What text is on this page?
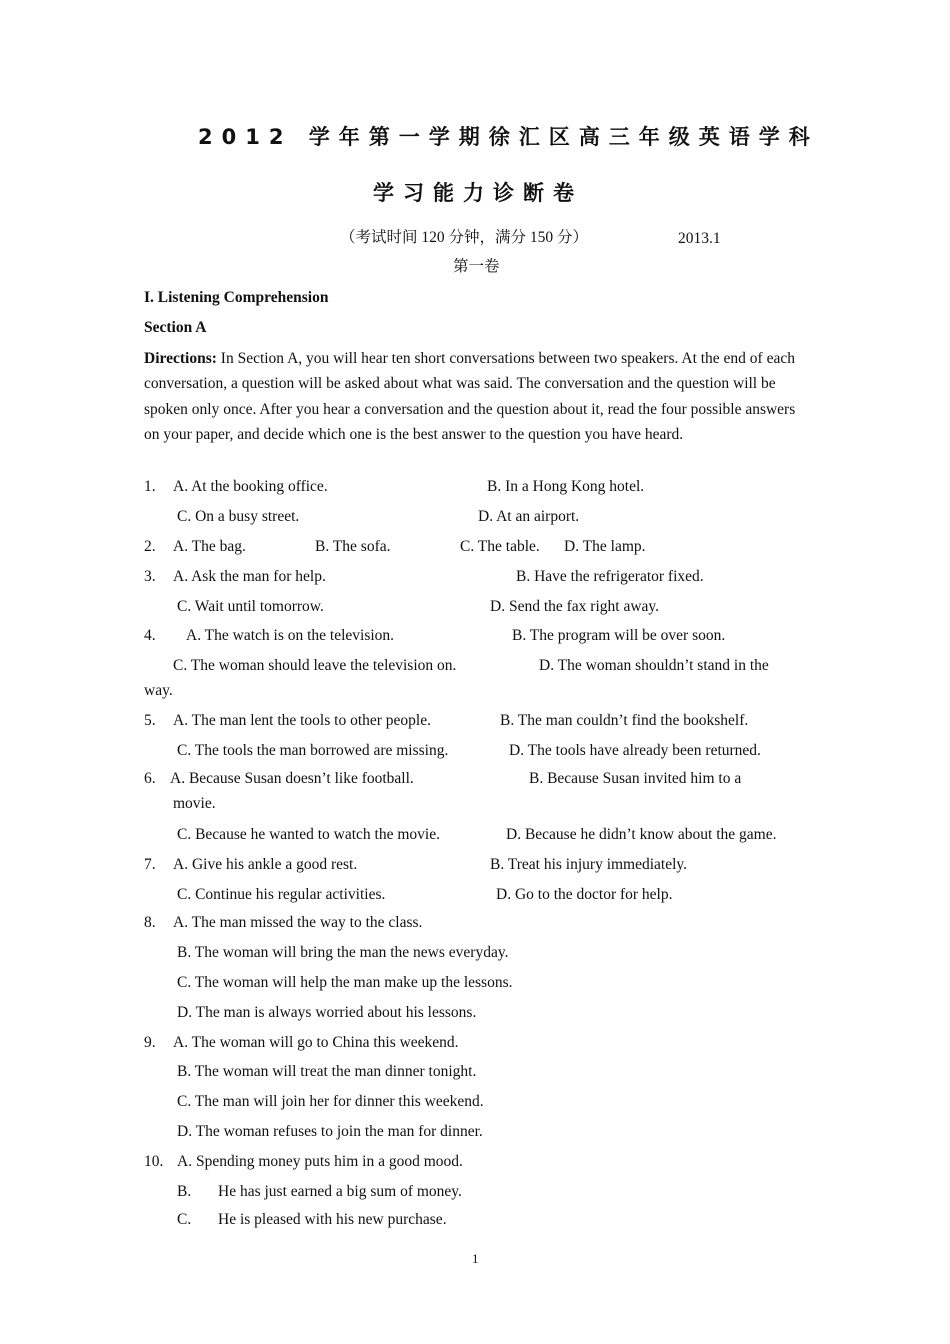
2012 学年第一学期徐汇区高三年级英语学科
学习能力诊断卷
（考试时间 120 分钟，满分 150 分）	2013.1
第一卷
I. Listening Comprehension
Section A
Directions: In Section A, you will hear ten short conversations between two speakers. At the end of each conversation, a question will be asked about what was said. The conversation and the question will be spoken only once. After you hear a conversation and the question about it, read the four possible answers on your paper, and decide which one is the best answer to the question you have heard.
1. A. At the booking office.	B. In a Hong Kong hotel.
C. On a busy street.	D. At an airport.
2. A. The bag.	B. The sofa.	C. The table. D. The lamp.
3. A. Ask the man for help.	B. Have the refrigerator fixed.
C. Wait until tomorrow.	D. Send the fax right away.
4. A. The watch is on the television.	B. The program will be over soon.
C. The woman should leave the television on.	D. The woman shouldn’t stand in the
way.
5. A. The man lent the tools to other people.	B. The man couldn’t find the bookshelf.
C. The tools the man borrowed are missing.	D. The tools have already been returned.
6. A. Because Susan doesn’t like football.	B. Because Susan invited him to a
movie.
C. Because he wanted to watch the movie.	D. Because he didn’t know about the game.
7. A. Give his ankle a good rest.	B. Treat his injury immediately.
C. Continue his regular activities.	D. Go to the doctor for help.
8. A. The man missed the way to the class.
B. The woman will bring the man the news everyday.
C. The woman will help the man make up the lessons.
D. The man is always worried about his lessons.
9. A. The woman will go to China this weekend.
B. The woman will treat the man dinner tonight.
C. The man will join her for dinner this weekend.
D. The woman refuses to join the man for dinner.
10. A. Spending money puts him in a good mood.
B. He has just earned a big sum of money.
C. He is pleased with his new purchase.
1
